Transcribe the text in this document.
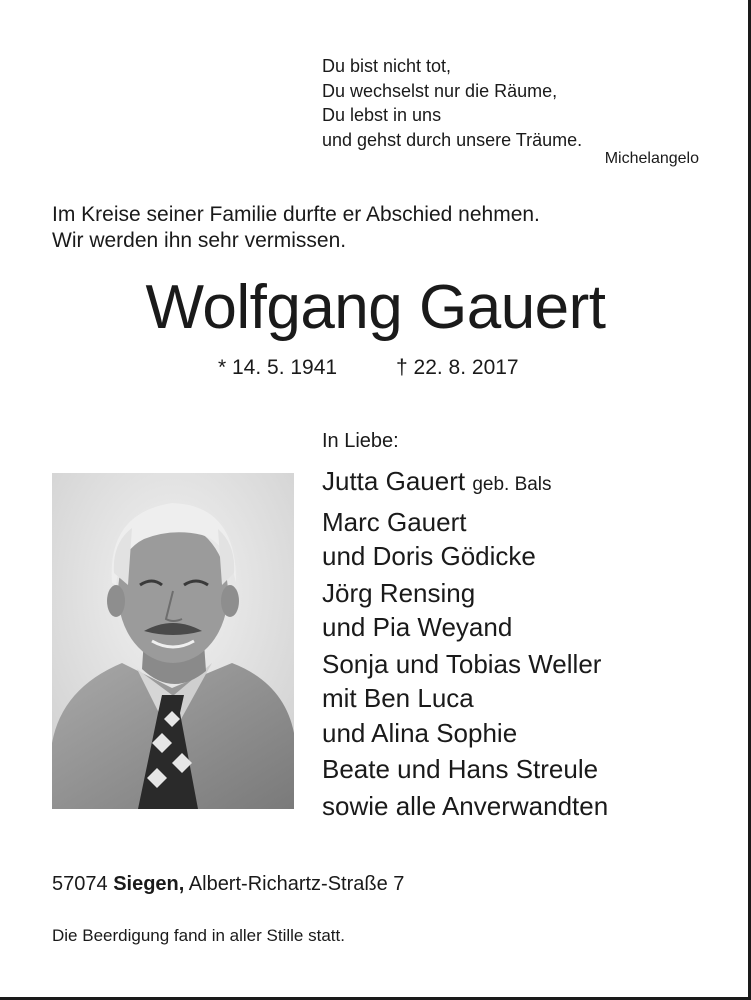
Du bist nicht tot,
Du wechselst nur die Räume,
Du lebst in uns
und gehst durch unsere Träume.
Michelangelo
Im Kreise seiner Familie durfte er Abschied nehmen.
Wir werden ihn sehr vermissen.
Wolfgang Gauert
* 14. 5. 1941	† 22. 8. 2017
In Liebe:
Jutta Gauert geb. Bals
Marc Gauert
und Doris Gödicke
Jörg Rensing
und Pia Weyand
Sonja und Tobias Weller
mit Ben Luca
und Alina Sophie
Beate und Hans Streule
sowie alle Anverwandten
57074 Siegen, Albert-Richartz-Straße 7
Die Beerdigung fand in aller Stille statt.
